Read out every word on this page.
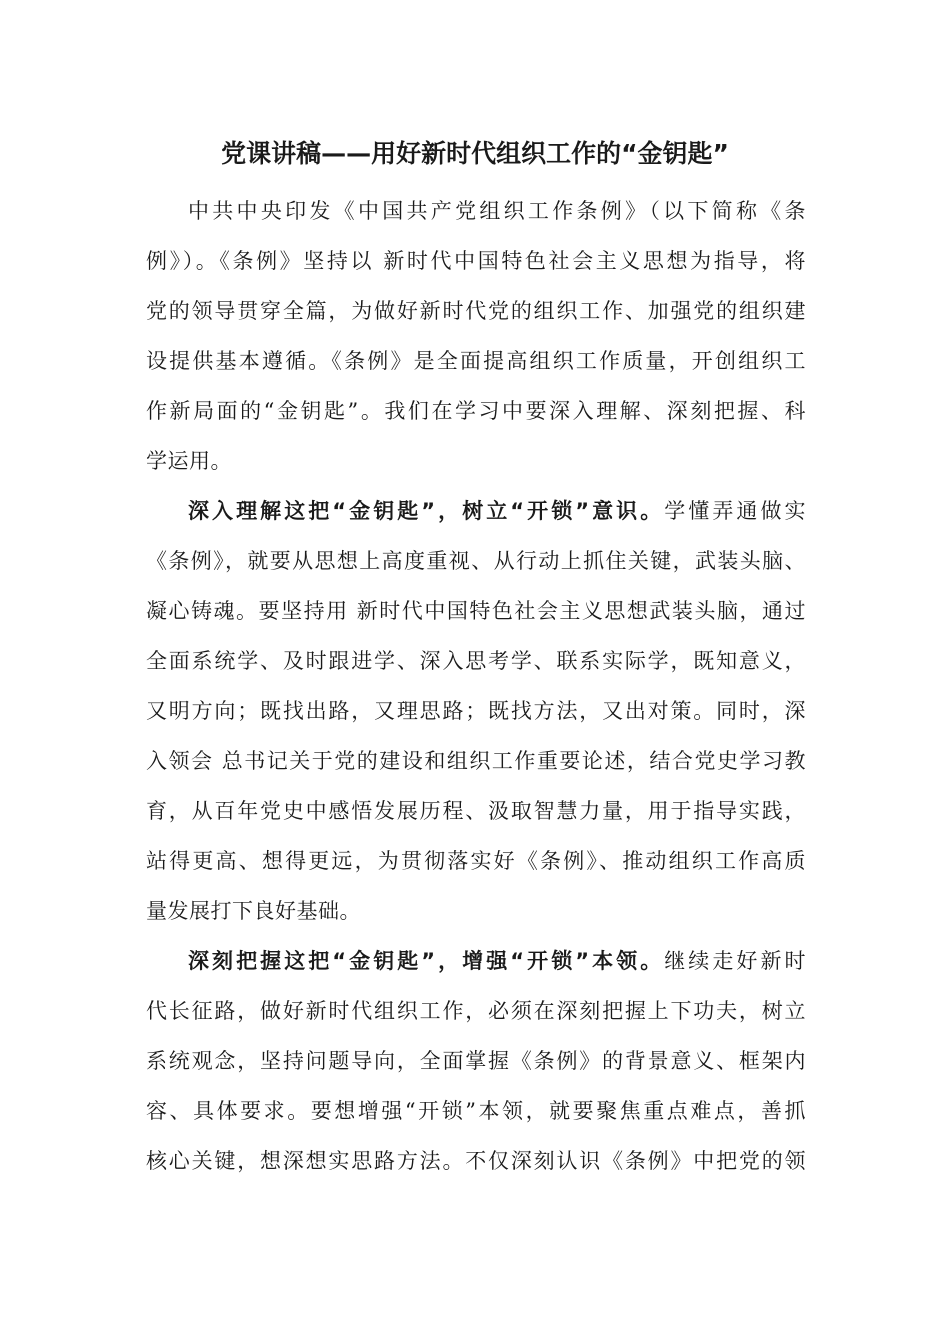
党课讲稿——用好新时代组织工作的“金钥匙”
中共中央印发《中国共产党组织工作条例》（以下简称《条
例》）。《条例》坚持以 新时代中国特色社会主义思想为指导，将
党的领导贯穿全篇，为做好新时代党的组织工作、加强党的组织建
设提供基本遵循。《条例》是全面提高组织工作质量，开创组织工
作新局面的“金钥匙”。我们在学习中要深入理解、深刻把握、科
学运用。
深入理解这把“金钥匙”，树立“开锁”意识。学懂弄通做实
《条例》，就要从思想上高度重视、从行动上抓住关键，武装头脑、
凝心铸魂。要坚持用 新时代中国特色社会主义思想武装头脑，通过
全面系统学、及时跟进学、深入思考学、联系实际学，既知意义，
又明方向；既找出路，又理思路；既找方法，又出对策。同时，深
入领会 总书记关于党的建设和组织工作重要论述，结合党史学习教
育，从百年党史中感悟发展历程、汲取智慧力量，用于指导实践，
站得更高、想得更远，为贯彻落实好《条例》、推动组织工作高质
量发展打下良好基础。
深刻把握这把“金钥匙”，增强“开锁”本领。继续走好新时
代长征路，做好新时代组织工作，必须在深刻把握上下功夫，树立
系统观念，坚持问题导向，全面掌握《条例》的背景意义、框架内
容、具体要求。要想增强“开锁”本领，就要聚焦重点难点，善抓
核心关键，想深想实思路方法。不仅深刻认识《条例》中把党的领
